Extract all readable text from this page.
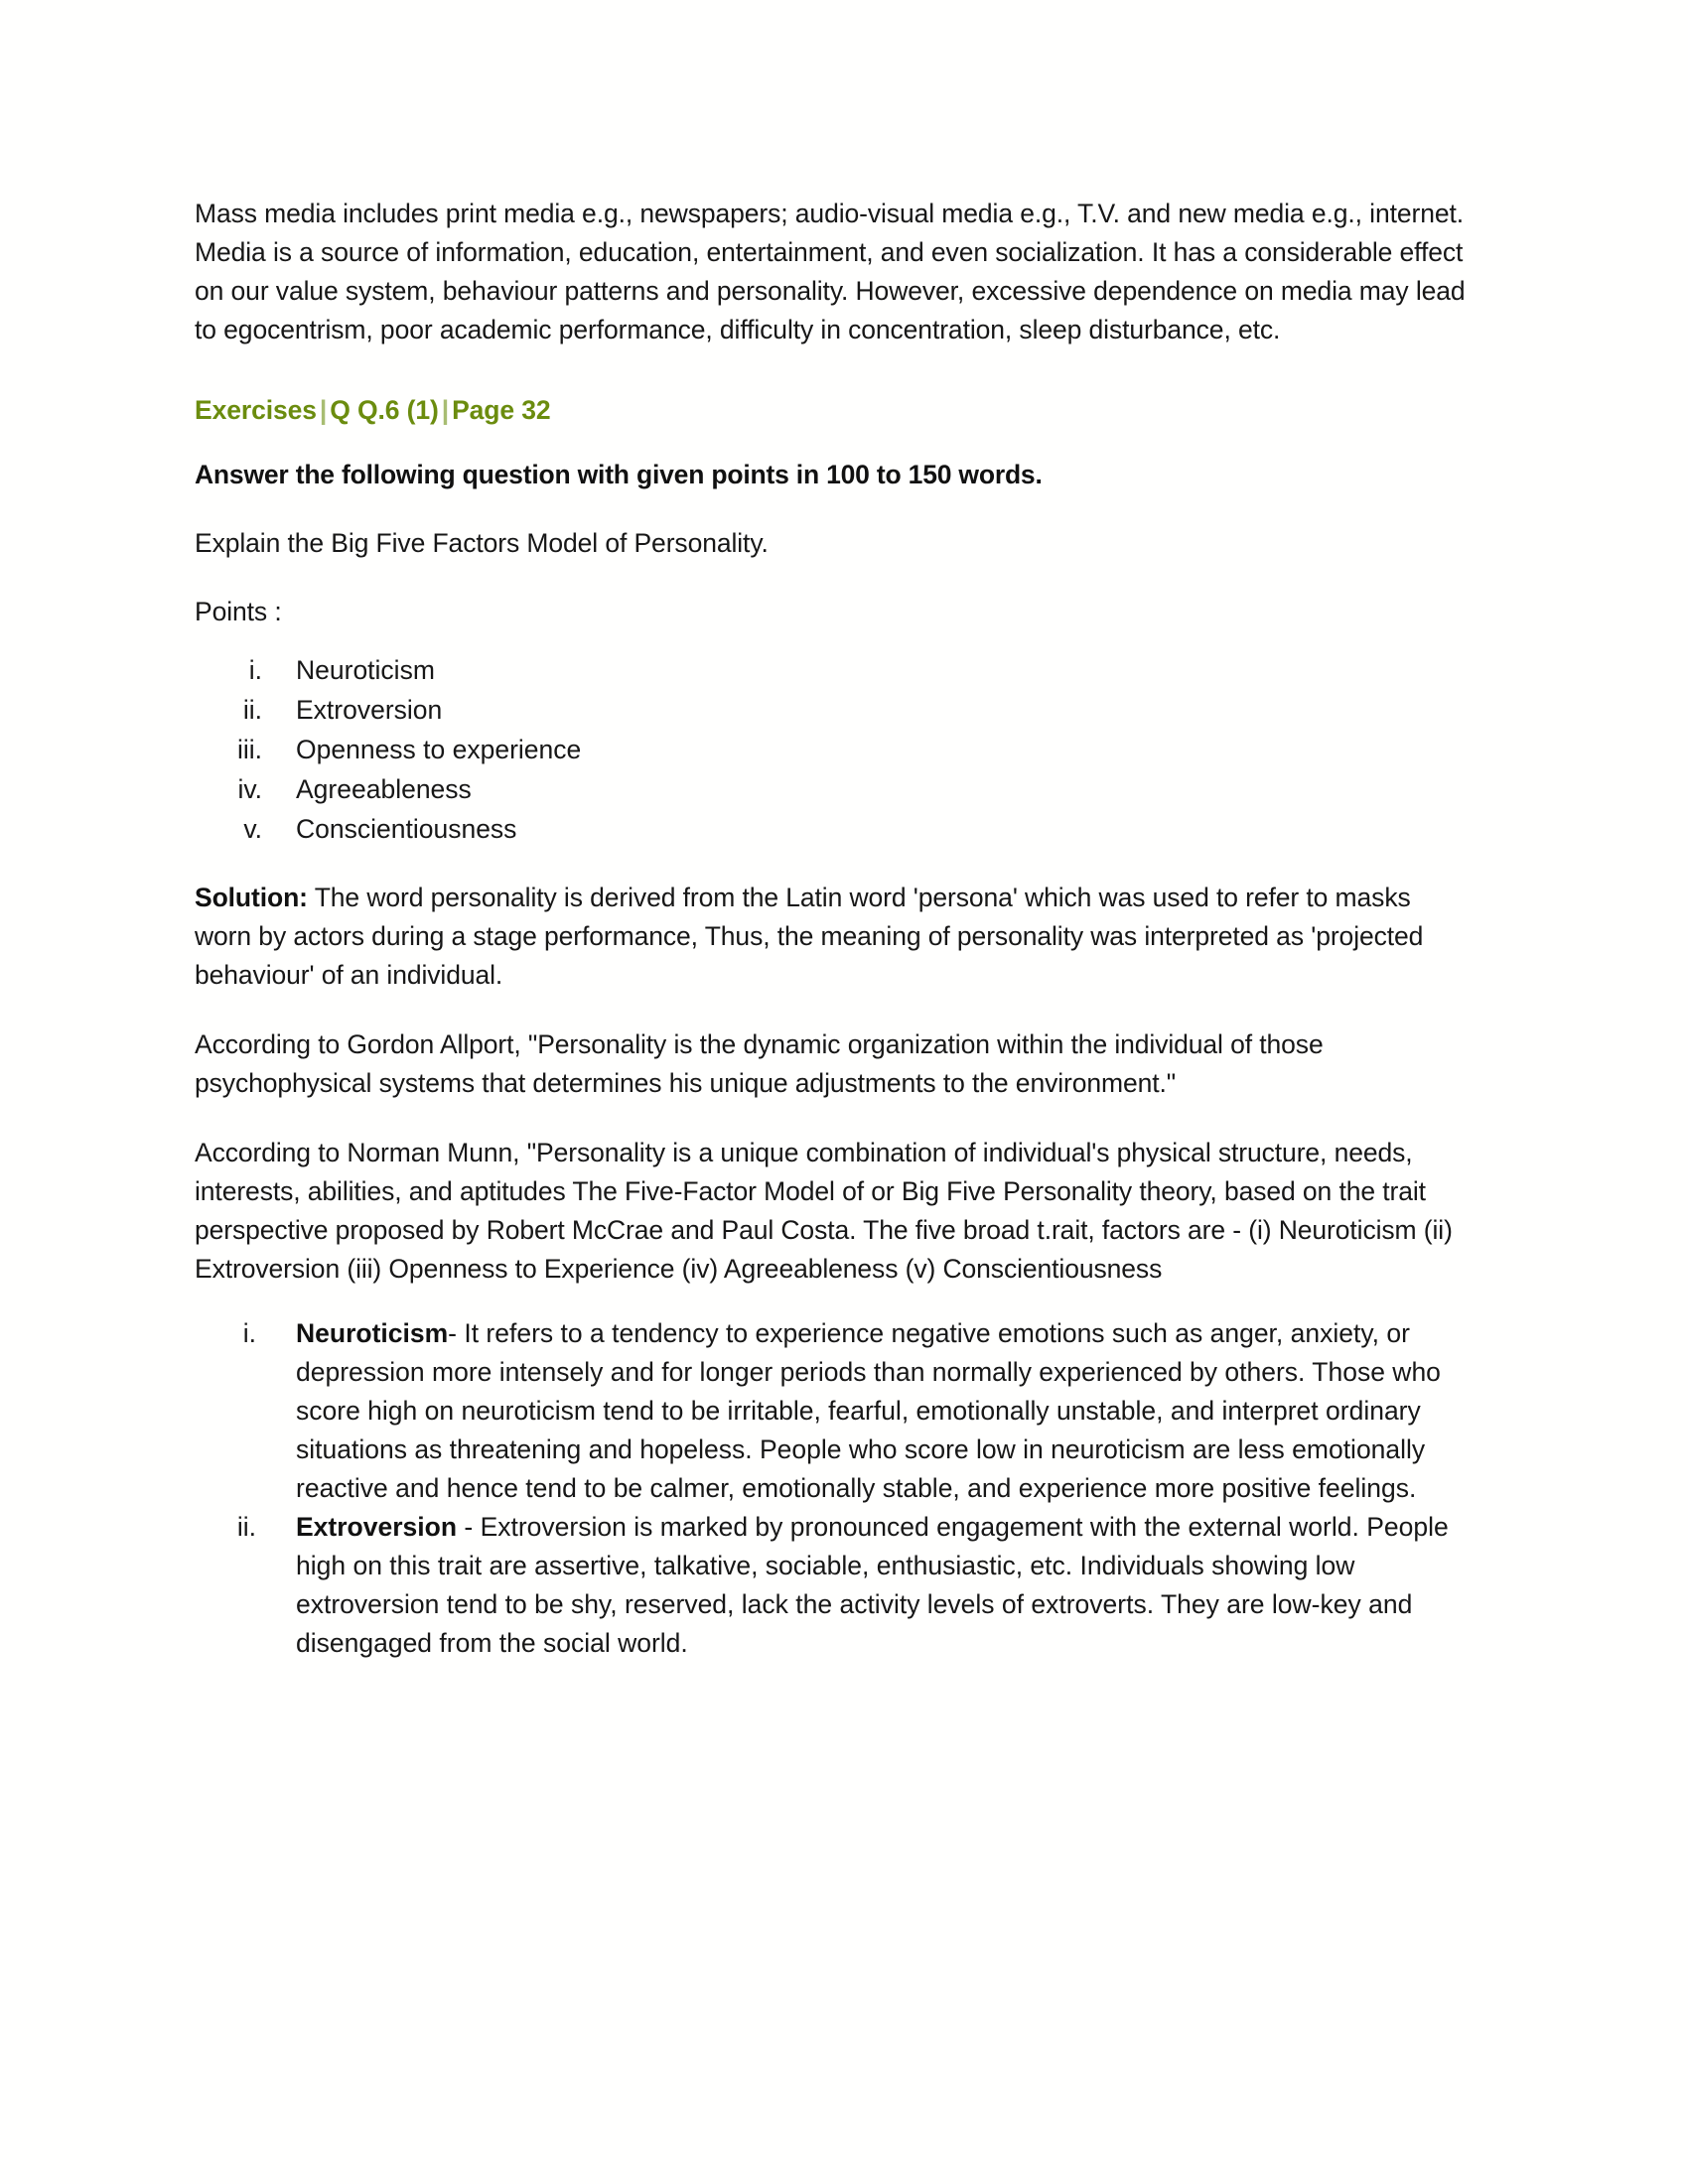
Mass media includes print media e.g., newspapers; audio-visual media e.g., T.V. and new media e.g., internet. Media is a source of information, education, entertainment, and even socialization. It has a considerable effect on our value system, behaviour patterns and personality. However, excessive dependence on media may lead to egocentrism, poor academic performance, difficulty in concentration, sleep disturbance, etc.

Exercises | Q Q.6 (1) | Page 32

Answer the following question with given points in 100 to 150 words.

Explain the Big Five Factors Model of Personality.

Points :

i. Neuroticism
ii. Extroversion
iii. Openness to experience
iv. Agreeableness
v. Conscientiousness

Solution: The word personality is derived from the Latin word 'persona' which was used to refer to masks worn by actors during a stage performance, Thus, the meaning of personality was interpreted as 'projected behaviour' of an individual.

According to Gordon Allport, "Personality is the dynamic organization within the individual of those psychophysical systems that determines his unique adjustments to the environment."

According to Norman Munn, "Personality is a unique combination of individual's physical structure, needs, interests, abilities, and aptitudes The Five-Factor Model of or Big Five Personality theory, based on the trait perspective proposed by Robert McCrae and Paul Costa. The five broad t.rait, factors are - (i) Neuroticism (ii) Extroversion (iii) Openness to Experience (iv) Agreeableness (v) Conscientiousness

i. Neuroticism- It refers to a tendency to experience negative emotions such as anger, anxiety, or depression more intensely and for longer periods than normally experienced by others. Those who score high on neuroticism tend to be irritable, fearful, emotionally unstable, and interpret ordinary situations as threatening and hopeless. People who score low in neuroticism are less emotionally reactive and hence tend to be calmer, emotionally stable, and experience more positive feelings.
ii. Extroversion - Extroversion is marked by pronounced engagement with the external world. People high on this trait are assertive, talkative, sociable, enthusiastic, etc. Individuals showing low extroversion tend to be shy, reserved, lack the activity levels of extroverts. They are low-key and disengaged from the social world.
